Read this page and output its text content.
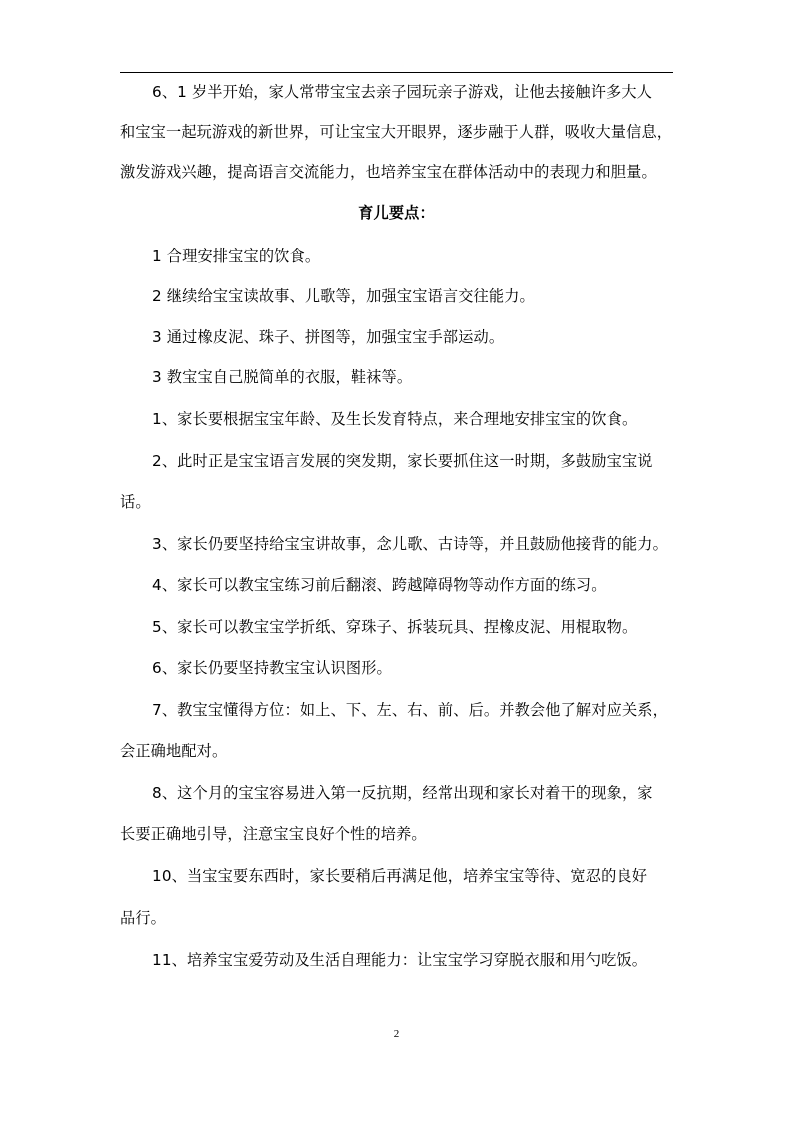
6、1 岁半开始，家人常带宝宝去亲子园玩亲子游戏，让他去接触许多大人
和宝宝一起玩游戏的新世界，可让宝宝大开眼界，逐步融于人群，吸收大量信息，
激发游戏兴趣，提高语言交流能力，也培养宝宝在群体活动中的表现力和胆量。
育儿要点：
1 合理安排宝宝的饮食。
2 继续给宝宝读故事、儿歌等，加强宝宝语言交往能力。
3 通过橡皮泥、珠子、拼图等，加强宝宝手部运动。
3 教宝宝自己脱简单的衣服，鞋袜等。
1、家长要根据宝宝年龄、及生长发育特点，来合理地安排宝宝的饮食。
2、此时正是宝宝语言发展的突发期，家长要抓住这一时期，多鼓励宝宝说
话。
3、家长仍要坚持给宝宝讲故事，念儿歌、古诗等，并且鼓励他接背的能力。
4、家长可以教宝宝练习前后翻滚、跨越障碍物等动作方面的练习。
5、家长可以教宝宝学折纸、穿珠子、拆装玩具、捏橡皮泥、用棍取物。
6、家长仍要坚持教宝宝认识图形。
7、教宝宝懂得方位：如上、下、左、右、前、后。并教会他了解对应关系，
会正确地配对。
8、这个月的宝宝容易进入第一反抗期，经常出现和家长对着干的现象，家
长要正确地引导，注意宝宝良好个性的培养。
10、当宝宝要东西时，家长要稍后再满足他，培养宝宝等待、宽忍的良好
品行。
11、培养宝宝爱劳动及生活自理能力：让宝宝学习穿脱衣服和用勺吃饭。
2
